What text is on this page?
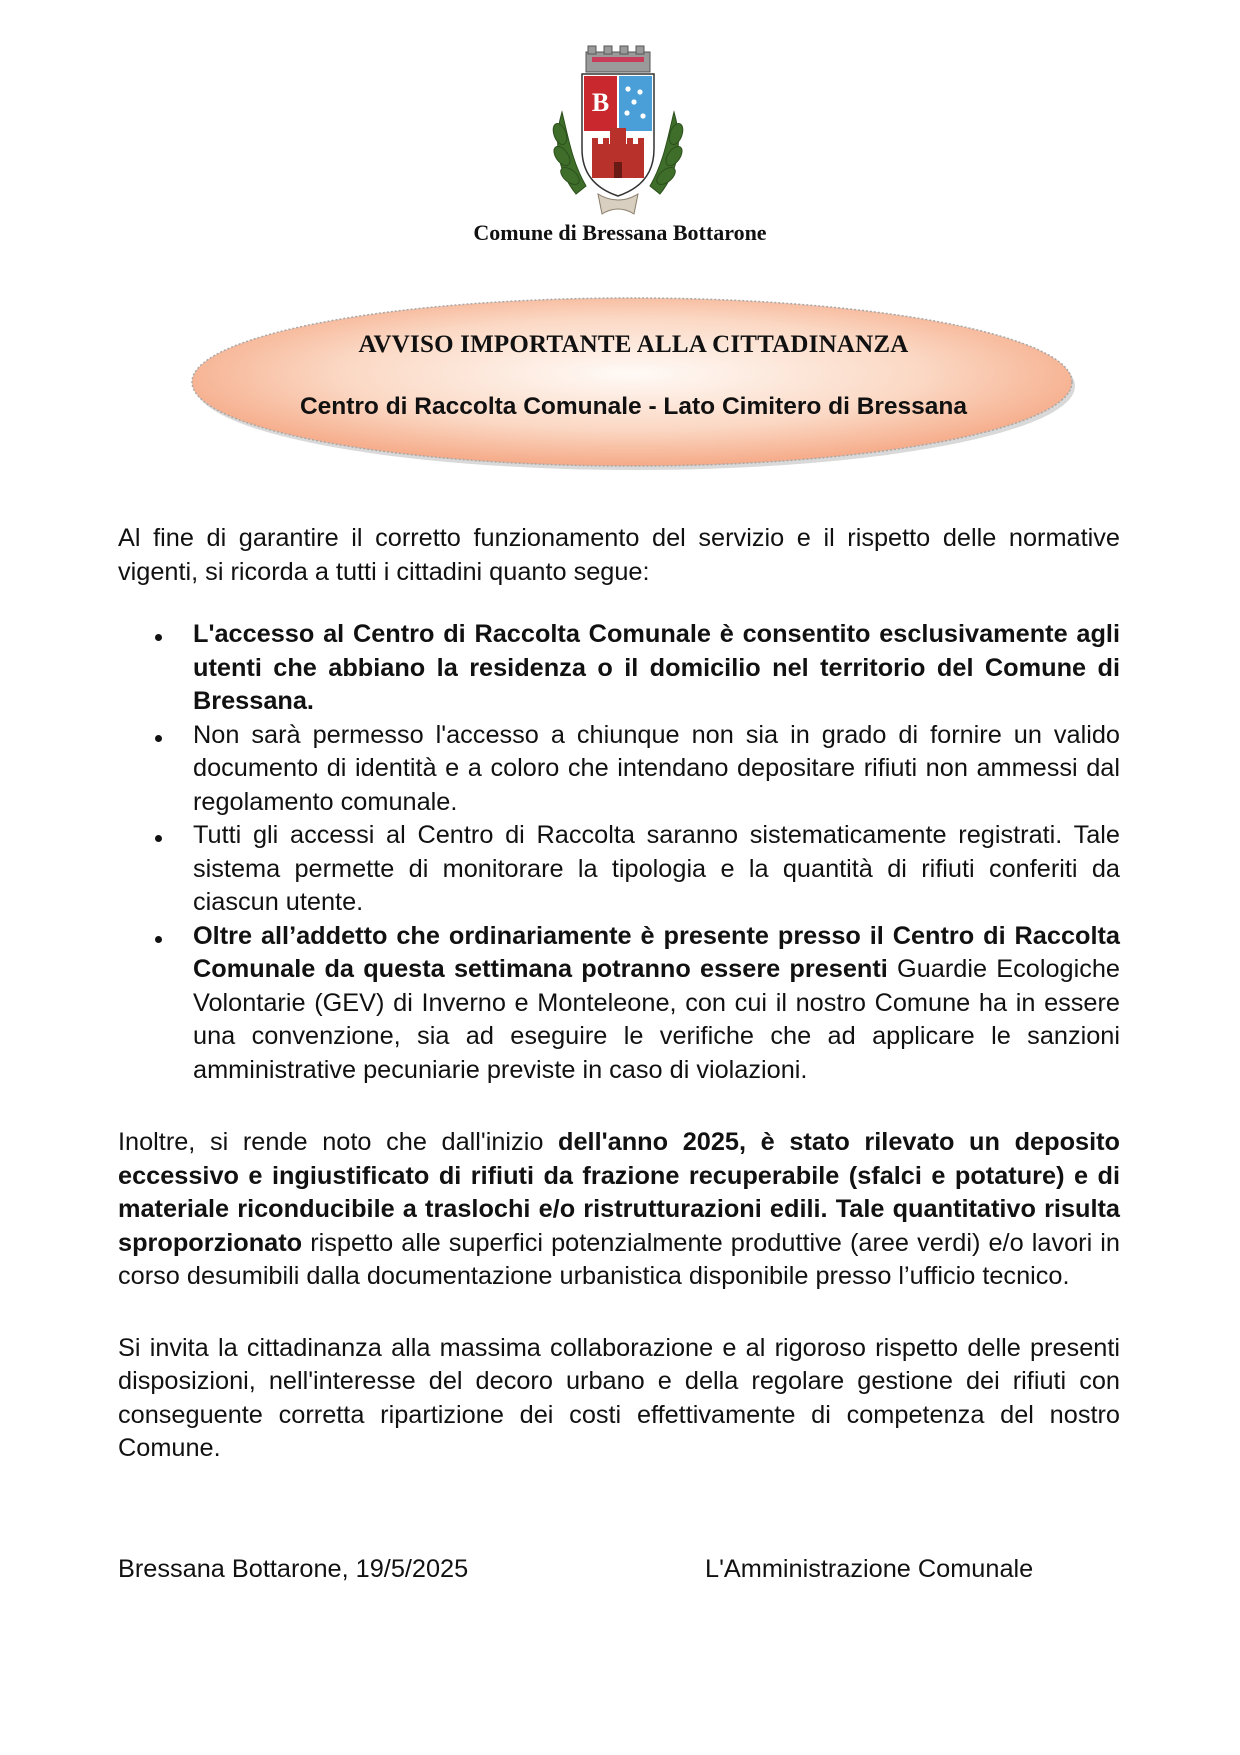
B
Comune di Bressana Bottarone
AVVISO IMPORTANTE ALLA CITTADINANZA
Centro di Raccolta Comunale - Lato Cimitero di Bressana

Al fine di garantire il corretto funzionamento del servizio e il rispetto delle normative vigenti, si ricorda a tutti i cittadini quanto segue:

L'accesso al Centro di Raccolta Comunale è consentito esclusivamente agli utenti che abbiano la residenza o il domicilio nel territorio del Comune di Bressana.
Non sarà permesso l'accesso a chiunque non sia in grado di fornire un valido documento di identità e a coloro che intendano depositare rifiuti non ammessi dal regolamento comunale.
Tutti gli accessi al Centro di Raccolta saranno sistematicamente registrati. Tale sistema permette di monitorare la tipologia e la quantità di rifiuti conferiti da ciascun utente.
Oltre all’addetto che ordinariamente è presente presso il Centro di Raccolta Comunale da questa settimana potranno essere presenti Guardie Ecologiche Volontarie (GEV) di Inverno e Monteleone, con cui il nostro Comune ha in essere una convenzione, sia ad eseguire le verifiche che ad applicare le sanzioni amministrative pecuniarie previste in caso di violazioni.

Inoltre, si rende noto che dall'inizio dell'anno 2025, è stato rilevato un deposito eccessivo e ingiustificato di rifiuti da frazione recuperabile (sfalci e potature) e di materiale riconducibile a traslochi e/o ristrutturazioni edili. Tale quantitativo risulta sproporzionato rispetto alle superfici potenzialmente produttive (aree verdi) e/o lavori in corso desumibili dalla documentazione urbanistica disponibile presso l’ufficio tecnico.

Si invita la cittadinanza alla massima collaborazione e al rigoroso rispetto delle presenti disposizioni, nell'interesse del decoro urbano e della regolare gestione dei rifiuti con conseguente corretta ripartizione dei costi effettivamente di competenza del nostro Comune.

Bressana Bottarone, 19/5/2025	L'Amministrazione Comunale
